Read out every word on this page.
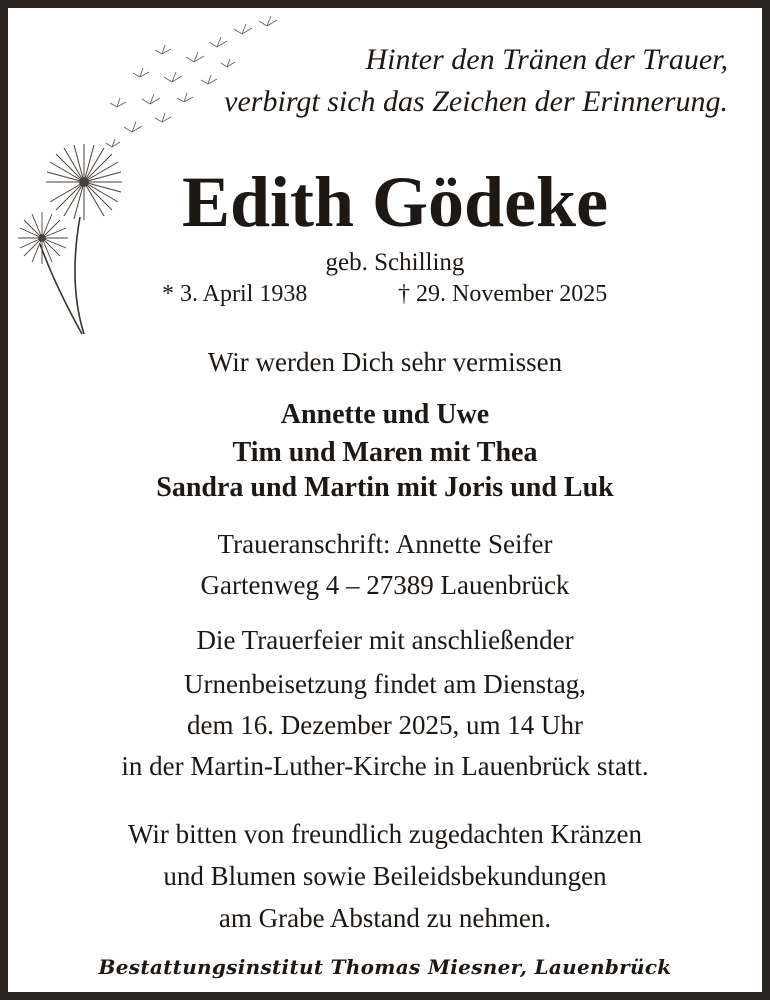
Hinter den Tränen der Trauer,

verbirgt sich das Zeichen der Erinnerung.

Edith Gödeke

geb. Schilling

* 3. April 1938	† 29. November 2025

Wir werden Dich sehr vermissen

Annette und Uwe

Tim und Maren mit Thea

Sandra und Martin mit Joris und Luk

Traueranschrift: Annette Seifer

Gartenweg 4 – 27389 Lauenbrück

Die Trauerfeier mit anschließender

Urnenbeisetzung findet am Dienstag,

dem 16. Dezember 2025, um 14 Uhr

in der Martin-Luther-Kirche in Lauenbrück statt.

Wir bitten von freundlich zugedachten Kränzen

und Blumen sowie Beileidsbekundungen

am Grabe Abstand zu nehmen.

Bestattungsinstitut Thomas Miesner, Lauenbrück
